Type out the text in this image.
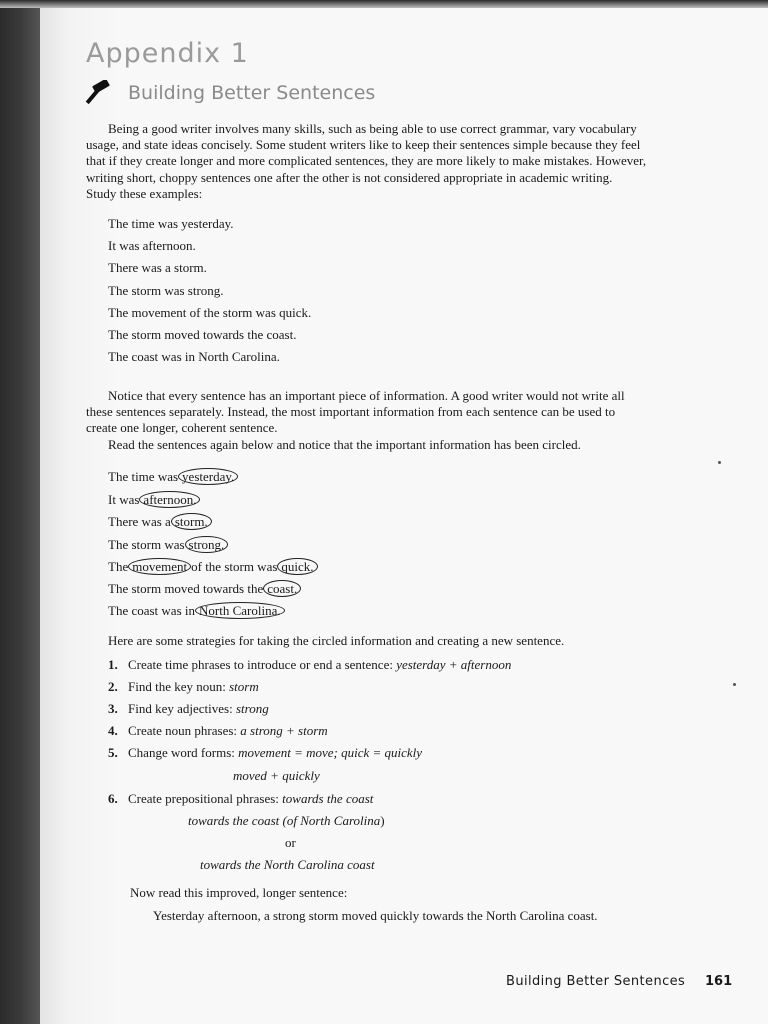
Appendix 1
Building Better Sentences
Being a good writer involves many skills, such as being able to use correct grammar, vary vocabulary
usage, and state ideas concisely. Some student writers like to keep their sentences simple because they feel
that if they create longer and more complicated sentences, they are more likely to make mistakes. However,
writing short, choppy sentences one after the other is not considered appropriate in academic writing.
Study these examples:
The time was yesterday.
It was afternoon.
There was a storm.
The storm was strong.
The movement of the storm was quick.
The storm moved towards the coast.
The coast was in North Carolina.
Notice that every sentence has an important piece of information. A good writer would not write all
these sentences separately. Instead, the most important information from each sentence can be used to
create one longer, coherent sentence.
Read the sentences again below and notice that the important information has been circled.
The time was yesterday.
It was afternoon.
There was a storm.
The storm was strong.
The movement of the storm was quick.
The storm moved towards the coast.
The coast was in North Carolina.
Here are some strategies for taking the circled information and creating a new sentence.
1. Create time phrases to introduce or end a sentence: yesterday + afternoon
2. Find the key noun: storm
3. Find key adjectives: strong
4. Create noun phrases: a strong + storm
5. Change word forms: movement = move; quick = quickly
moved + quickly
6. Create prepositional phrases: towards the coast
towards the coast (of North Carolina)
or
towards the North Carolina coast
Now read this improved, longer sentence:
Yesterday afternoon, a strong storm moved quickly towards the North Carolina coast.
Building Better Sentences 161
